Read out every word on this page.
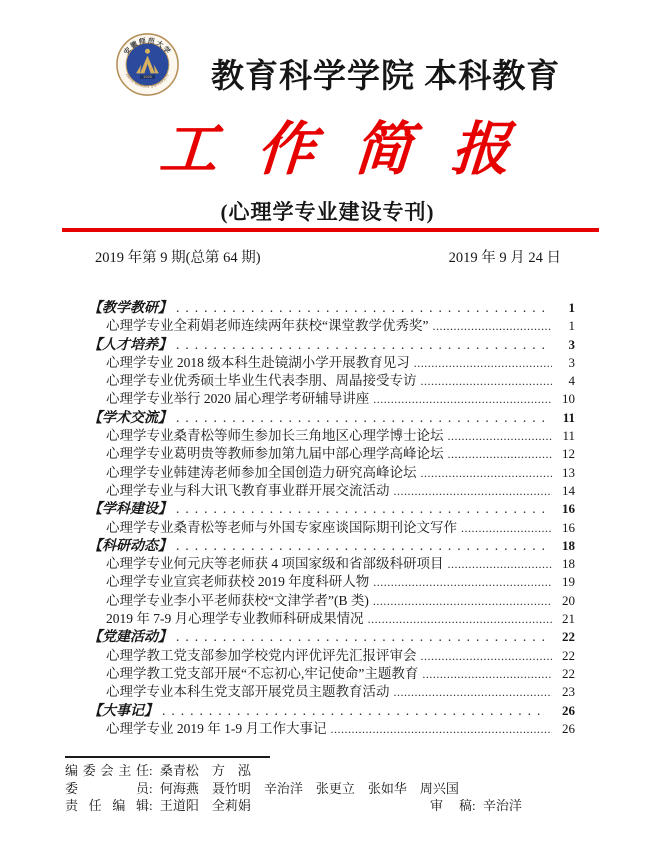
安徽师范大学
ANHUI NORMAL UNIVERSITY
1928 教育科学学院 本科教育
工 作 简 报
(心理学专业建设专刊)
2019 年第 9 期(总第 64 期)	2019 年 9 月 24 日
【教学教研】 .....	1
心理学专业全莉娟老师连续两年获校“课堂教学优秀奖” .....	1
【人才培养】 .....	3
心理学专业 2018 级本科生赴镜湖小学开展教育见习 .....	3
心理学专业优秀硕士毕业生代表李朋、周晶接受专访 .....	4
心理学专业举行 2020 届心理学考研辅导讲座 .....	10
【学术交流】 .....	11
心理学专业桑青松等师生参加长三角地区心理学博士论坛 .....	11
心理学专业葛明贵等教师参加第九届中部心理学高峰论坛 .....	12
心理学专业韩建涛老师参加全国创造力研究高峰论坛 .....	13
心理学专业与科大讯飞教育事业群开展交流活动 .....	14
【学科建设】 .....	16
心理学专业桑青松等老师与外国专家座谈国际期刊论文写作 .....	16
【科研动态】 .....	18
心理学专业何元庆等老师获 4 项国家级和省部级科研项目 .....	18
心理学专业宣宾老师获校 2019 年度科研人物 .....	19
心理学专业李小平老师获校“文津学者”(B 类) .....	20
2019 年 7-9 月心理学专业教师科研成果情况 .....	21
【党建活动】 .....	22
心理学教工党支部参加学校党内评优评先汇报评审会 .....	22
心理学教工党支部开展“不忘初心,牢记使命”主题教育 .....	22
心理学专业本科生党支部开展党员主题教育活动 .....	23
【大事记】 .....	26
心理学专业 2019 年 1-9 月工作大事记 .....	26
编委会主任: 桑青松　方　泓
委员: 何海燕　聂竹明　辛治洋　张更立　张如华　周兴国
责任编辑: 王道阳　全莉娟	审稿: 辛治洋
